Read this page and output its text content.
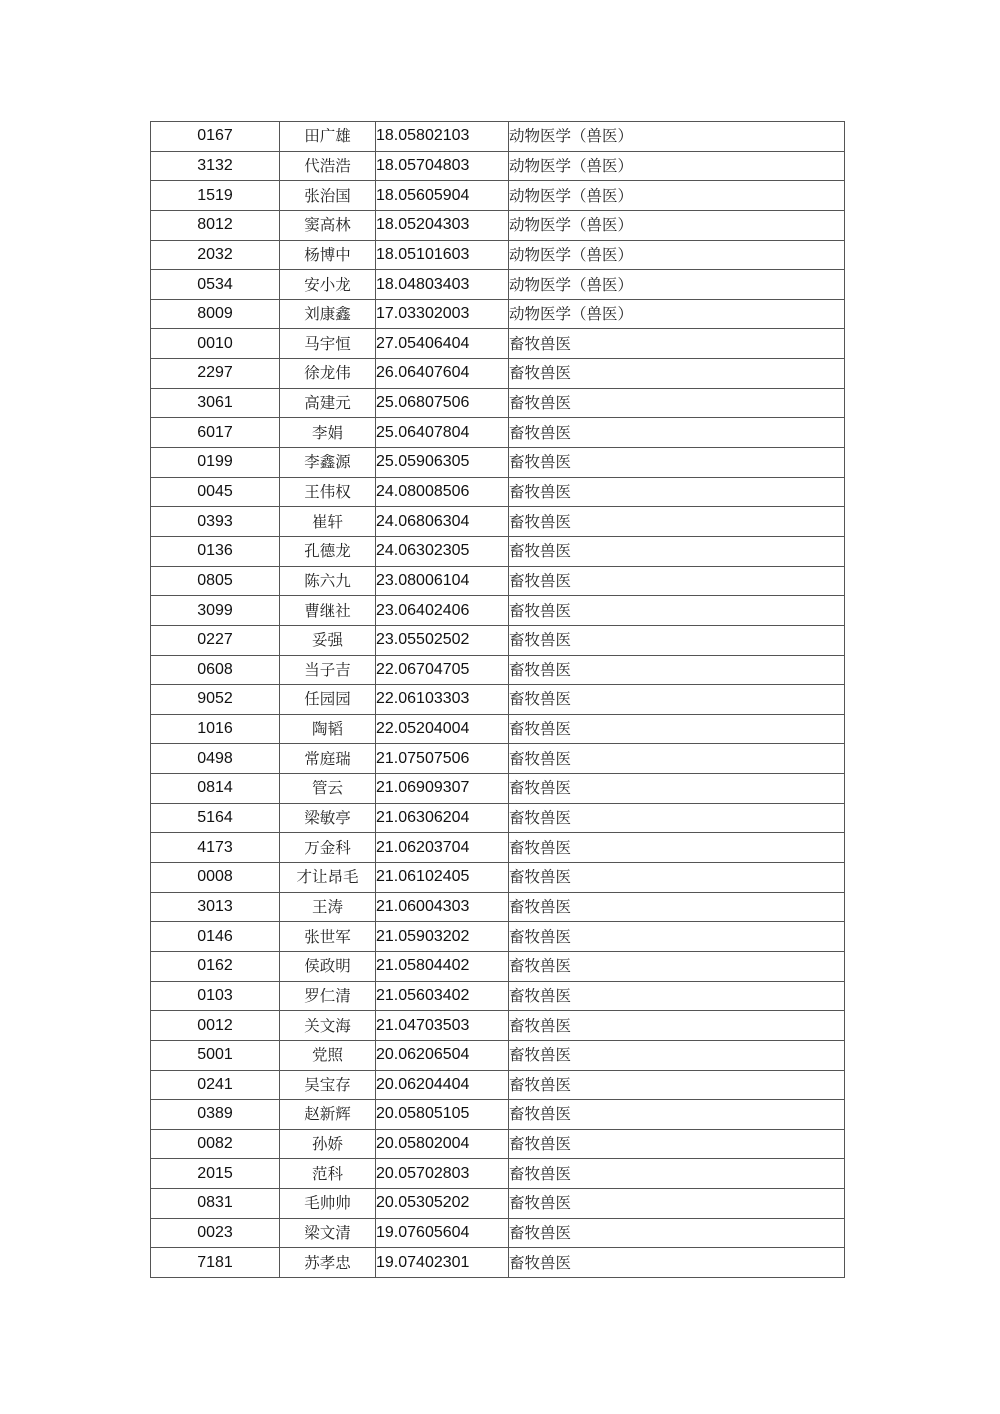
0167	田广雄	18.05802103	动物医学（兽医）
3132	代浩浩	18.05704803	动物医学（兽医）
1519	张治国	18.05605904	动物医学（兽医）
8012	窦高林	18.05204303	动物医学（兽医）
2032	杨博中	18.05101603	动物医学（兽医）
0534	安小龙	18.04803403	动物医学（兽医）
8009	刘康鑫	17.03302003	动物医学（兽医）
0010	马宇恒	27.05406404	畜牧兽医
2297	徐龙伟	26.06407604	畜牧兽医
3061	高建元	25.06807506	畜牧兽医
6017	李娟	25.06407804	畜牧兽医
0199	李鑫源	25.05906305	畜牧兽医
0045	王伟权	24.08008506	畜牧兽医
0393	崔轩	24.06806304	畜牧兽医
0136	孔德龙	24.06302305	畜牧兽医
0805	陈六九	23.08006104	畜牧兽医
3099	曹继社	23.06402406	畜牧兽医
0227	妥强	23.05502502	畜牧兽医
0608	当子吉	22.06704705	畜牧兽医
9052	任园园	22.06103303	畜牧兽医
1016	陶韬	22.05204004	畜牧兽医
0498	常庭瑞	21.07507506	畜牧兽医
0814	管云	21.06909307	畜牧兽医
5164	梁敏亭	21.06306204	畜牧兽医
4173	万金科	21.06203704	畜牧兽医
0008	才让昂毛	21.06102405	畜牧兽医
3013	王涛	21.06004303	畜牧兽医
0146	张世军	21.05903202	畜牧兽医
0162	侯政明	21.05804402	畜牧兽医
0103	罗仁清	21.05603402	畜牧兽医
0012	关文海	21.04703503	畜牧兽医
5001	党照	20.06206504	畜牧兽医
0241	吴宝存	20.06204404	畜牧兽医
0389	赵新辉	20.05805105	畜牧兽医
0082	孙娇	20.05802004	畜牧兽医
2015	范科	20.05702803	畜牧兽医
0831	毛帅帅	20.05305202	畜牧兽医
0023	梁文清	19.07605604	畜牧兽医
7181	苏孝忠	19.07402301	畜牧兽医
